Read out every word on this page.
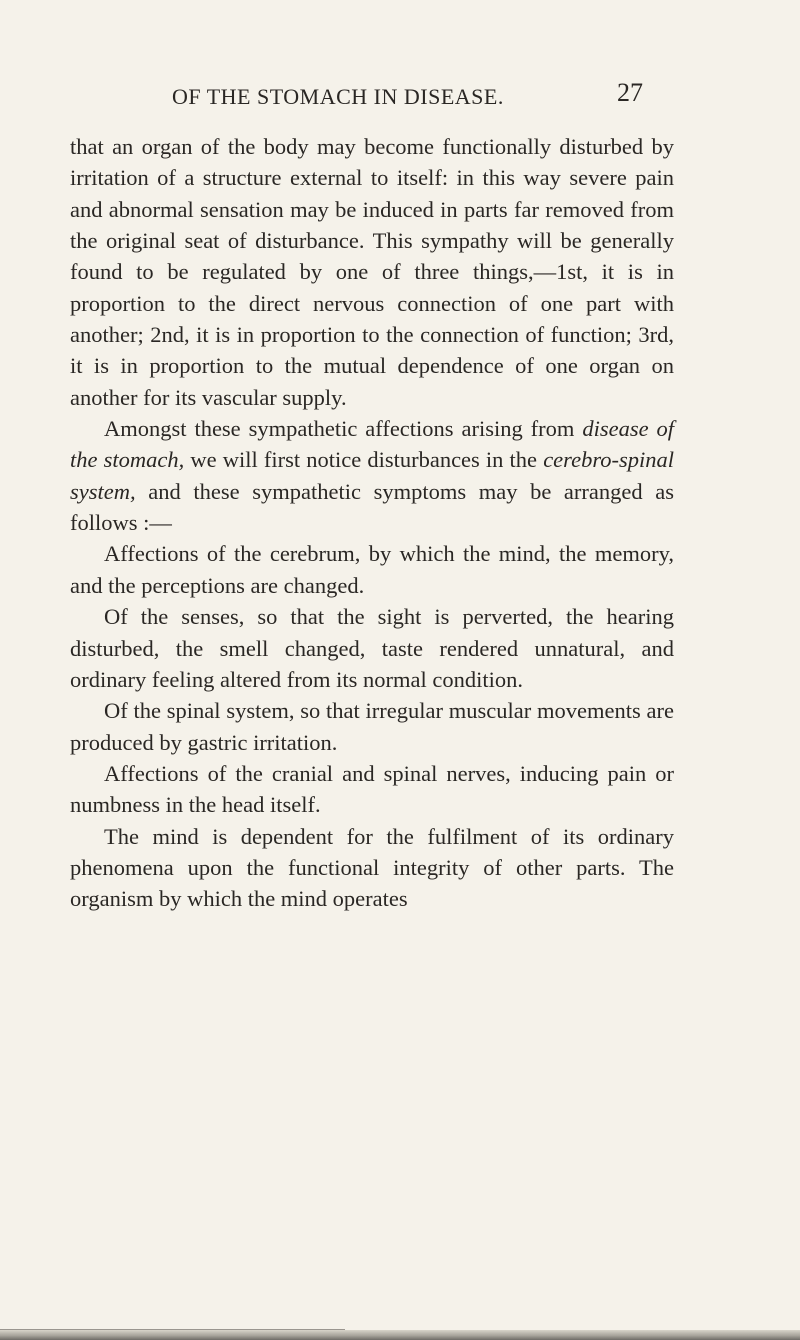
OF THE STOMACH IN DISEASE.	27

that an organ of the body may become functionally disturbed by irritation of a structure external to itself: in this way severe pain and abnormal sensation may be induced in parts far removed from the original seat of disturbance. This sympathy will be generally found to be regulated by one of three things,—1st, it is in proportion to the direct nervous connection of one part with another; 2nd, it is in proportion to the connection of function; 3rd, it is in proportion to the mutual dependence of one organ on another for its vascular supply.

Amongst these sympathetic affections arising from disease of the stomach, we will first notice disturbances in the cerebro-spinal system, and these sympathetic symptoms may be arranged as follows :—

Affections of the cerebrum, by which the mind, the memory, and the perceptions are changed.

Of the senses, so that the sight is perverted, the hearing disturbed, the smell changed, taste rendered unnatural, and ordinary feeling altered from its normal condition.

Of the spinal system, so that irregular muscular movements are produced by gastric irritation.

Affections of the cranial and spinal nerves, inducing pain or numbness in the head itself.

The mind is dependent for the fulfilment of its ordinary phenomena upon the functional integrity of other parts. The organism by which the mind operates
